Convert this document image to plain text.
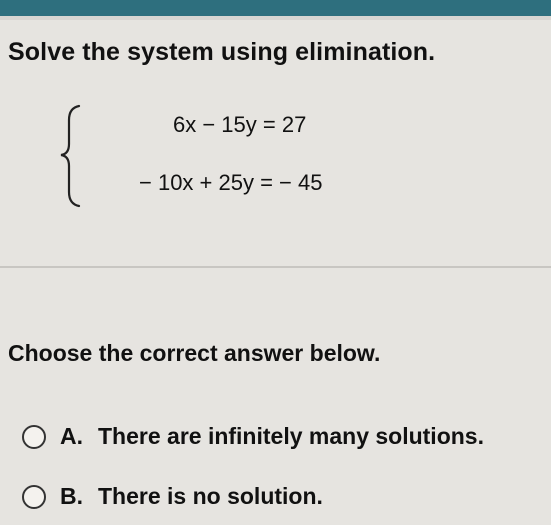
Solve the system using elimination.
6x − 15y = 27
− 10x + 25y = − 45
Choose the correct answer below.
A. There are infinitely many solutions.
B. There is no solution.
